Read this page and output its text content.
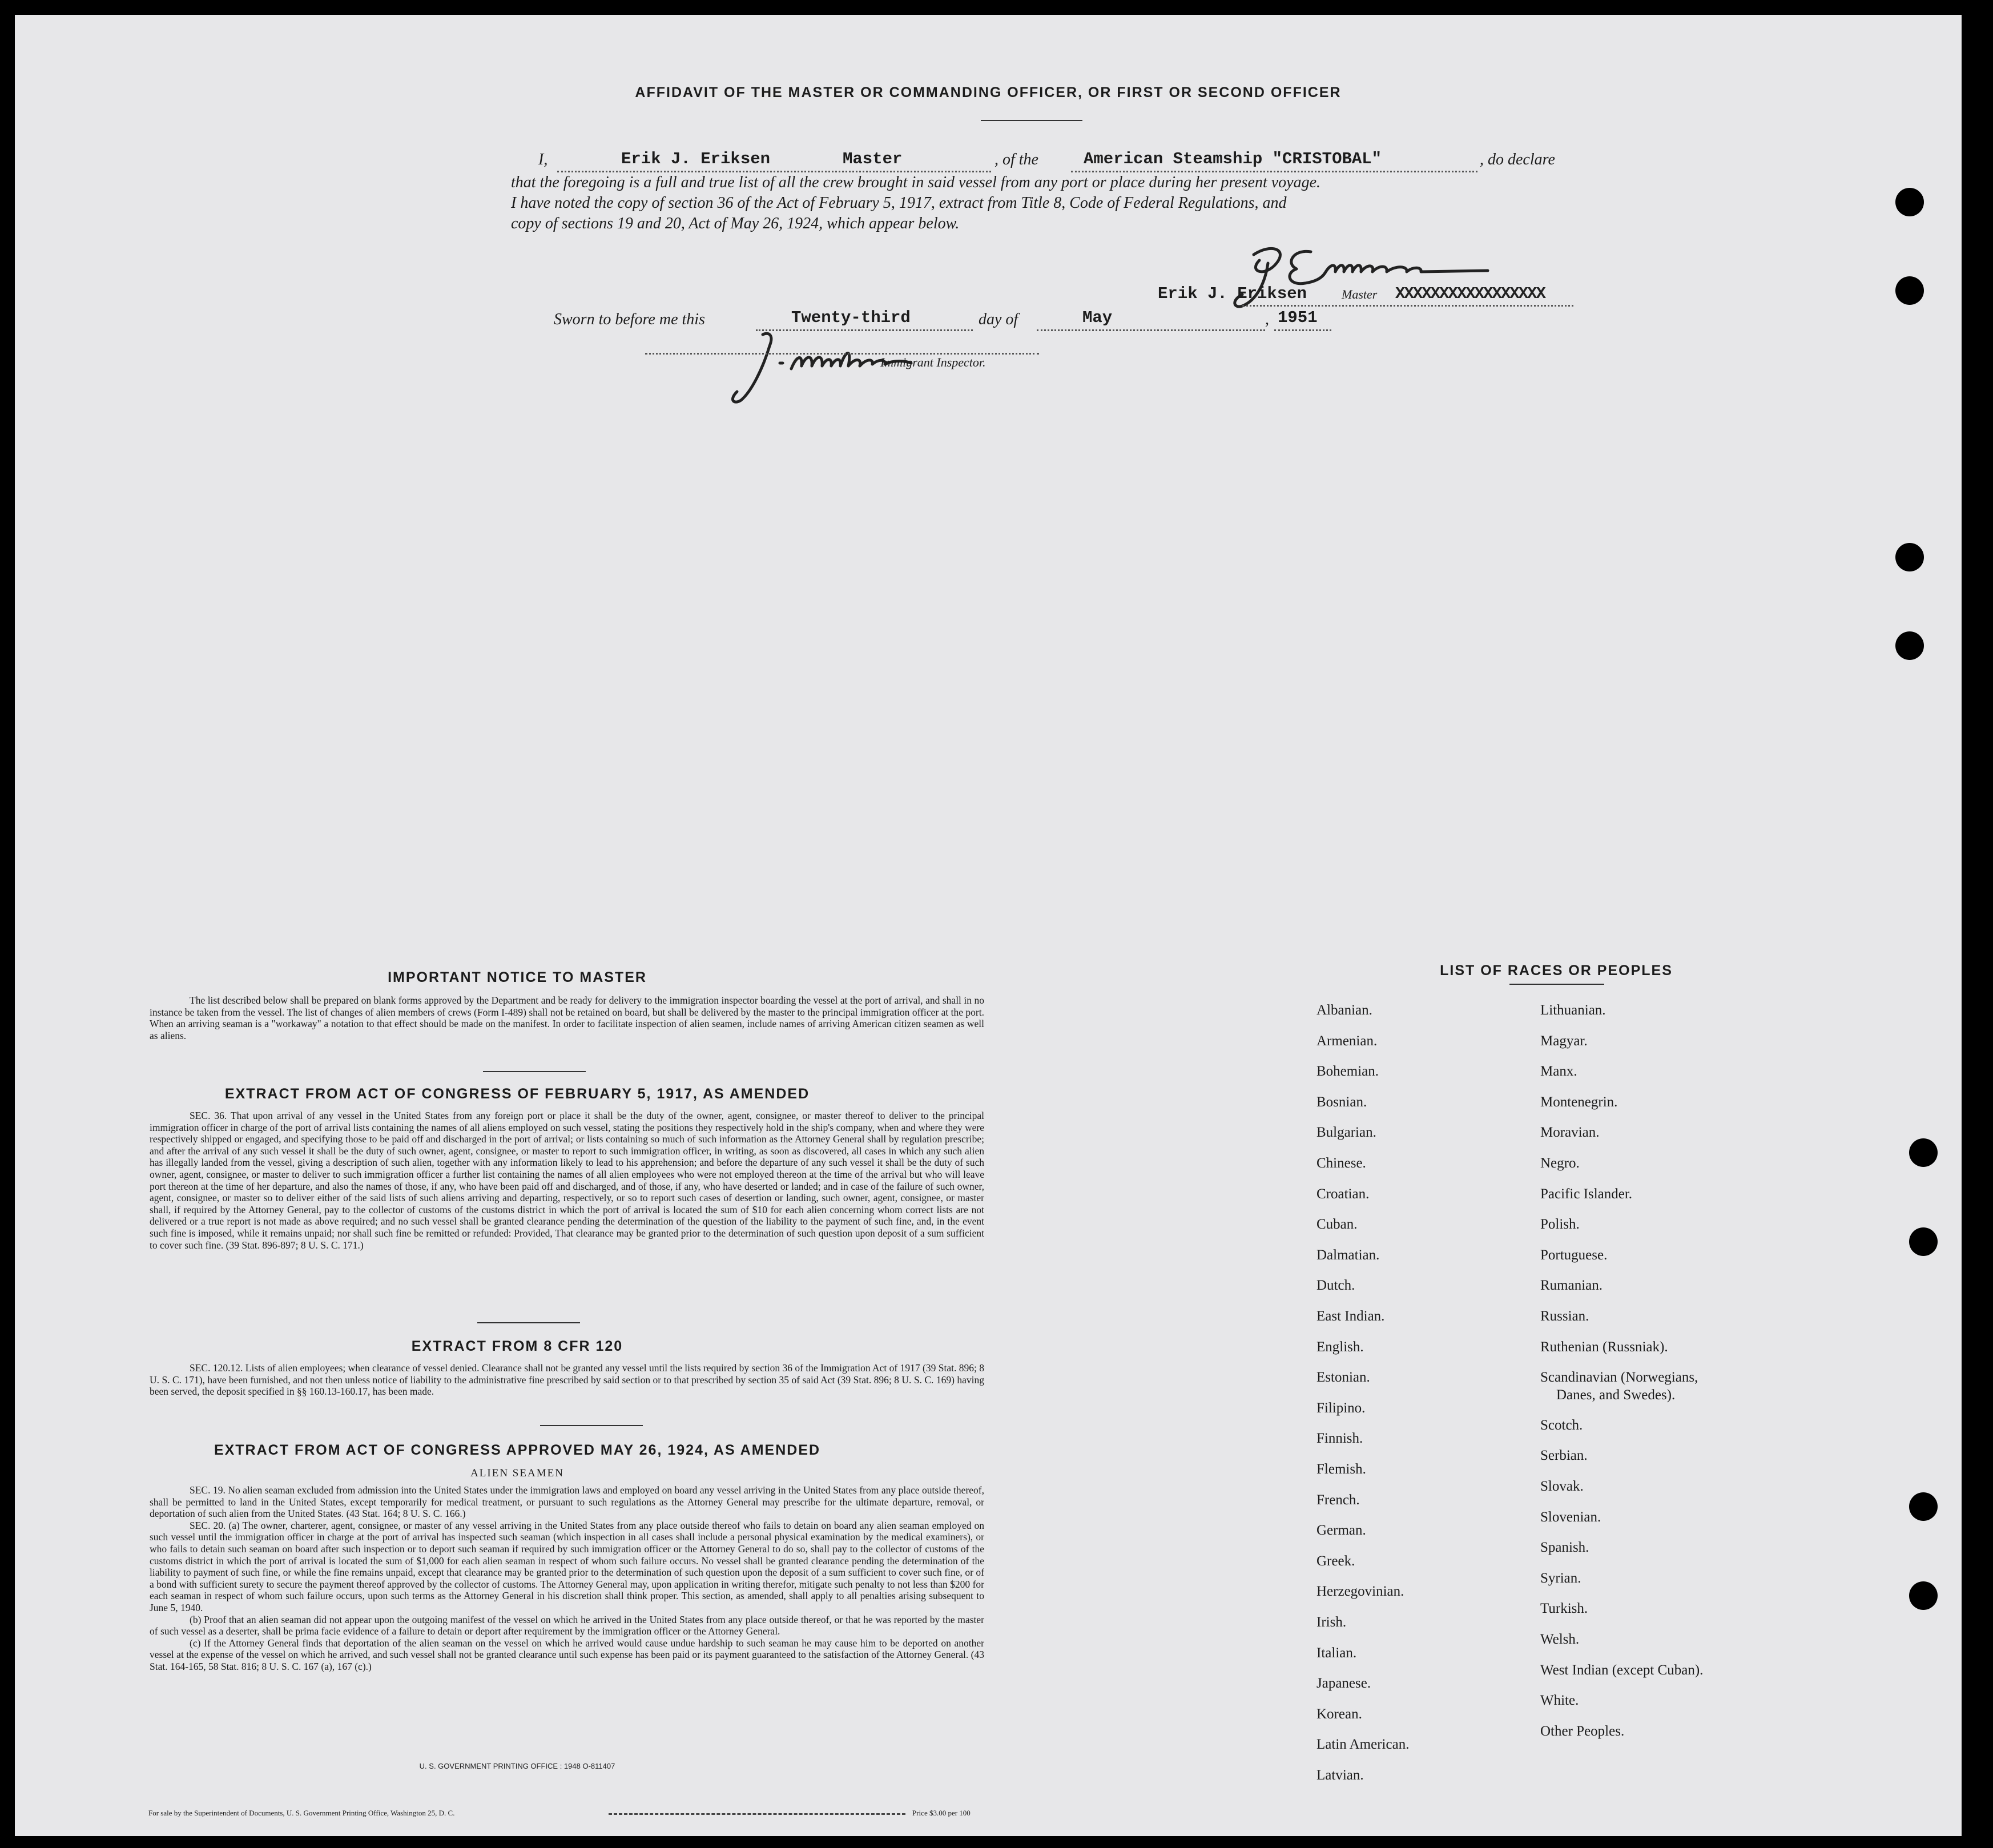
AFFIDAVIT OF THE MASTER OR COMMANDING OFFICER, OR FIRST OR SECOND OFFICER
I,	Erik J. Eriksen	Master	, of the	American Steamship "CRISTOBAL"	, do declare
that the foregoing is a full and true list of all the crew brought in said vessel from any port or place during her present voyage.
I have noted the copy of section 36 of the Act of February 5, 1917, extract from Title 8, Code of Federal Regulations, and
copy of sections 19 and 20, Act of May 26, 1924, which appear below.
Erik J. Eriksen	Master XXXXXXXXXXXXXXXXX
Sworn to before me this	Twenty-third	day of	May	, 1951
Immigrant Inspector.
IMPORTANT NOTICE TO MASTER

The list described below shall be prepared on blank forms approved by the Department and be ready for delivery to the immigration inspector boarding the vessel at the port of arrival, and shall in no instance be taken from the vessel. The list of changes of alien members of crews (Form I-489) shall not be retained on board, but shall be delivered by the master to the principal immigration officer at the port. When an arriving seaman is a "workaway" a notation to that effect should be made on the manifest. In order to facilitate inspection of alien seamen, include names of arriving American citizen seamen as well as aliens.

EXTRACT FROM ACT OF CONGRESS OF FEBRUARY 5, 1917, AS AMENDED

SEC. 36. That upon arrival of any vessel in the United States from any foreign port or place it shall be the duty of the owner, agent, consignee, or master thereof to deliver to the principal immigration officer in charge of the port of arrival lists containing the names of all aliens employed on such vessel, stating the positions they respectively hold in the ship's company, when and where they were respectively shipped or engaged, and specifying those to be paid off and discharged in the port of arrival; or lists containing so much of such information as the Attorney General shall by regulation prescribe; and after the arrival of any such vessel it shall be the duty of such owner, agent, consignee, or master to report to such immigration officer, in writing, as soon as discovered, all cases in which any such alien has illegally landed from the vessel, giving a description of such alien, together with any information likely to lead to his apprehension; and before the departure of any such vessel it shall be the duty of such owner, agent, consignee, or master to deliver to such immigration officer a further list containing the names of all alien employees who were not employed thereon at the time of the arrival but who will leave port thereon at the time of her departure, and also the names of those, if any, who have been paid off and discharged, and of those, if any, who have deserted or landed; and in case of the failure of such owner, agent, consignee, or master so to deliver either of the said lists of such aliens arriving and departing, respectively, or so to report such cases of desertion or landing, such owner, agent, consignee, or master shall, if required by the Attorney General, pay to the collector of customs of the customs district in which the port of arrival is located the sum of $10 for each alien concerning whom correct lists are not delivered or a true report is not made as above required; and no such vessel shall be granted clearance pending the determination of the question of the liability to the payment of such fine, and, in the event such fine is imposed, while it remains unpaid; nor shall such fine be remitted or refunded: Provided, That clearance may be granted prior to the determination of such question upon deposit of a sum sufficient to cover such fine. (39 Stat. 896-897; 8 U. S. C. 171.)

EXTRACT FROM 8 CFR 120

SEC. 120.12. Lists of alien employees; when clearance of vessel denied. Clearance shall not be granted any vessel until the lists required by section 36 of the Immigration Act of 1917 (39 Stat. 896; 8 U. S. C. 171), have been furnished, and not then unless notice of liability to the administrative fine prescribed by said section or to that prescribed by section 35 of said Act (39 Stat. 896; 8 U. S. C. 169) having been served, the deposit specified in §§ 160.13-160.17, has been made.

EXTRACT FROM ACT OF CONGRESS APPROVED MAY 26, 1924, AS AMENDED
ALIEN SEAMEN

SEC. 19. No alien seaman excluded from admission into the United States under the immigration laws and employed on board any vessel arriving in the United States from any place outside thereof, shall be permitted to land in the United States, except temporarily for medical treatment, or pursuant to such regulations as the Attorney General may prescribe for the ultimate departure, removal, or deportation of such alien from the United States. (43 Stat. 164; 8 U. S. C. 166.)

SEC. 20. (a) The owner, charterer, agent, consignee, or master of any vessel arriving in the United States from any place outside thereof who fails to detain on board any alien seaman employed on such vessel until the immigration officer in charge at the port of arrival has inspected such seaman (which inspection in all cases shall include a personal physical examination by the medical examiners), or who fails to detain such seaman on board after such inspection or to deport such seaman if required by such immigration officer or the Attorney General to do so, shall pay to the collector of customs of the customs district in which the port of arrival is located the sum of $1,000 for each alien seaman in respect of whom such failure occurs. No vessel shall be granted clearance pending the determination of the liability to payment of such fine, or while the fine remains unpaid, except that clearance may be granted prior to the determination of such question upon the deposit of a sum sufficient to cover such fine, or of a bond with sufficient surety to secure the payment thereof approved by the collector of customs. The Attorney General may, upon application in writing therefor, mitigate such penalty to not less than $200 for each seaman in respect of whom such failure occurs, upon such terms as the Attorney General in his discretion shall think proper. This section, as amended, shall apply to all penalties arising subsequent to June 5, 1940.

(b) Proof that an alien seaman did not appear upon the outgoing manifest of the vessel on which he arrived in the United States from any place outside thereof, or that he was reported by the master of such vessel as a deserter, shall be prima facie evidence of a failure to detain or deport after requirement by the immigration officer or the Attorney General.

(c) If the Attorney General finds that deportation of the alien seaman on the vessel on which he arrived would cause undue hardship to such seaman he may cause him to be deported on another vessel at the expense of the vessel on which he arrived, and such vessel shall not be granted clearance until such expense has been paid or its payment guaranteed to the satisfaction of the Attorney General. (43 Stat. 164-165, 58 Stat. 816; 8 U. S. C. 167 (a), 167 (c).)

U. S. GOVERNMENT PRINTING OFFICE : 1948 O-811407
For sale by the Superintendent of Documents, U. S. Government Printing Office, Washington 25, D. C.	Price $3.00 per 100
LIST OF RACES OR PEOPLES
Albanian.
Armenian.
Bohemian.
Bosnian.
Bulgarian.
Chinese.
Croatian.
Cuban.
Dalmatian.
Dutch.
East Indian.
English.
Estonian.
Filipino.
Finnish.
Flemish.
French.
German.
Greek.
Herzegovinian.
Irish.
Italian.
Japanese.
Korean.
Latin American.
Latvian.
Lithuanian.
Magyar.
Manx.
Montenegrin.
Moravian.
Negro.
Pacific Islander.
Polish.
Portuguese.
Rumanian.
Russian.
Ruthenian (Russniak).
Scandinavian (Norwegians,
Danes, and Swedes).
Scotch.
Serbian.
Slovak.
Slovenian.
Spanish.
Syrian.
Turkish.
Welsh.
West Indian (except Cuban).
White.
Other Peoples.
